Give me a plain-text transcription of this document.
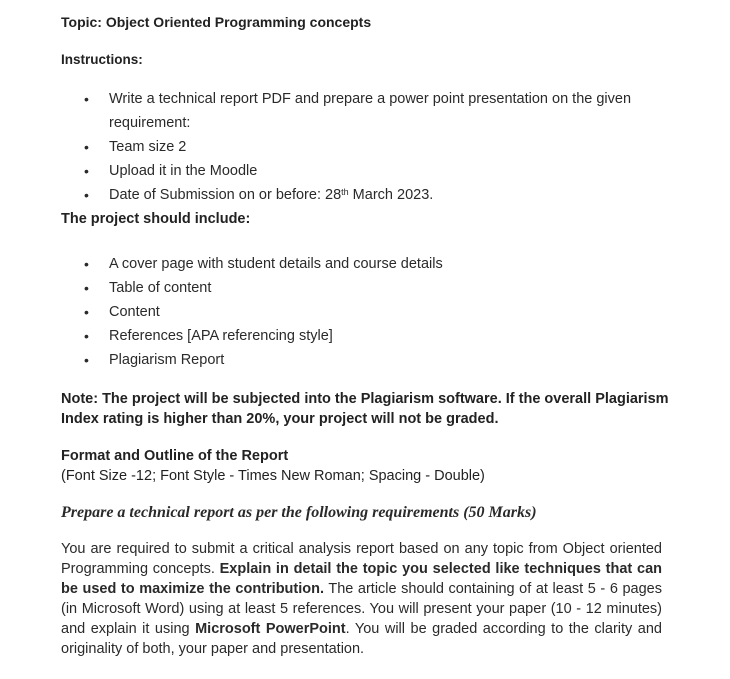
Topic: Object Oriented Programming concepts
Instructions:
• Write a technical report PDF and prepare a power point presentation on the given requirement:
• Team size 2
• Upload it in the Moodle
• Date of Submission on or before: 28th March 2023.
The project should include:
• A cover page with student details and course details
• Table of content
• Content
• References [APA referencing style]
• Plagiarism Report
Note: The project will be subjected into the Plagiarism software. If the overall Plagiarism Index rating is higher than 20%, your project will not be graded.
Format and Outline of the Report
(Font Size -12; Font Style - Times New Roman; Spacing - Double)
Prepare a technical report as per the following requirements (50 Marks)
You are required to submit a critical analysis report based on any topic from Object oriented Programming concepts. Explain in detail the topic you selected like techniques that can be used to maximize the contribution. The article should containing of at least 5 - 6 pages (in Microsoft Word) using at least 5 references. You will present your paper (10 - 12 minutes) and explain it using Microsoft PowerPoint. You will be graded according to the clarity and originality of both, your paper and presentation.
